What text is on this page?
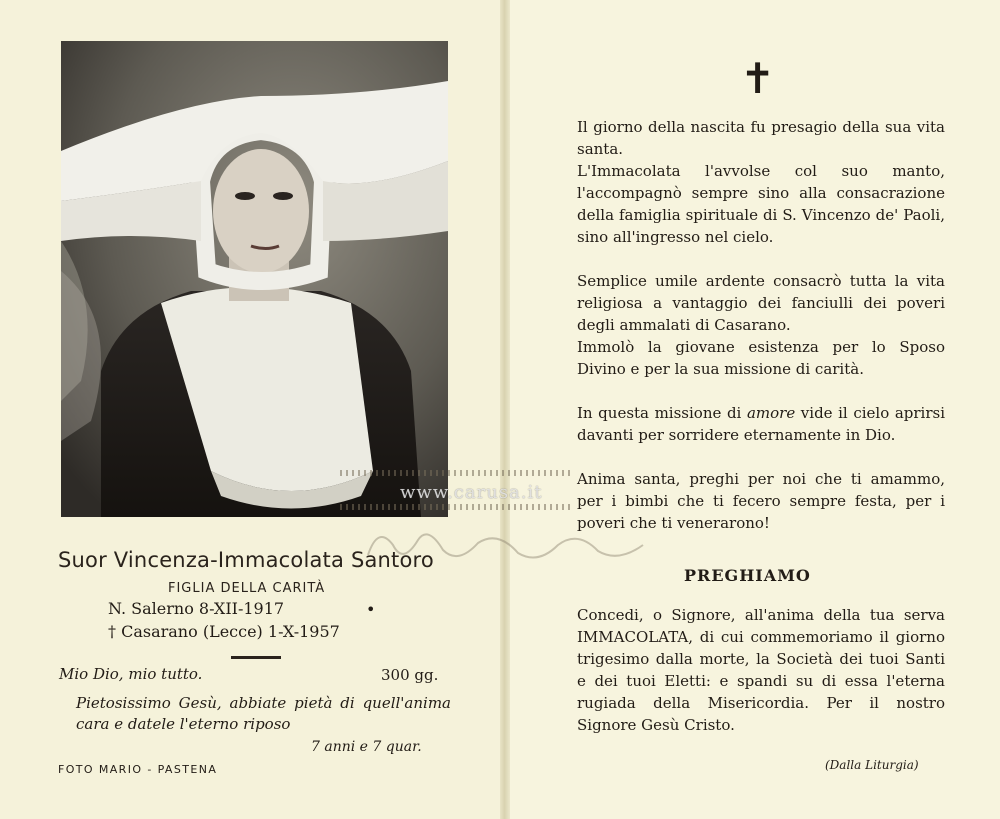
www.carusa.it
Suor Vincenza-Immacolata Santoro
FIGLIA DELLA CARITÀ
N. Salerno 8-XII-1917	•
† Casarano (Lecce) 1-X-1957
Mio Dio, mio tutto.	300 gg.
Pietosissimo Gesù, abbiate pietà di quell'anima cara e datele l'eterno riposo
7 anni e 7 quar.
FOTO MARIO - PASTENA
✝
Il giorno della nascita fu presagio della sua vita santa.
L'Immacolata l'avvolse col suo manto, l'accompagnò sempre sino alla consacrazione della famiglia spirituale di S. Vincenzo de' Paoli, sino all'ingresso nel cielo.
Semplice umile ardente consacrò tutta la vita religiosa a vantaggio dei fanciulli dei poveri degli ammalati di Casarano.
Immolò la giovane esistenza per lo Sposo Divino e per la sua missione di carità.
In questa missione di amore vide il cielo aprirsi davanti per sorridere eternamente in Dio.
Anima santa, preghi per noi che ti amammo, per i bimbi che ti fecero sempre festa, per i poveri che ti venerarono!
PREGHIAMO
Concedi, o Signore, all'anima della tua serva IMMACOLATA, di cui commemoriamo il giorno trigesimo dalla morte, la Società dei tuoi Santi e dei tuoi Eletti: e spandi su di essa l'eterna rugiada della Misericordia. Per il nostro Signore Gesù Cristo.
(Dalla Liturgia)
